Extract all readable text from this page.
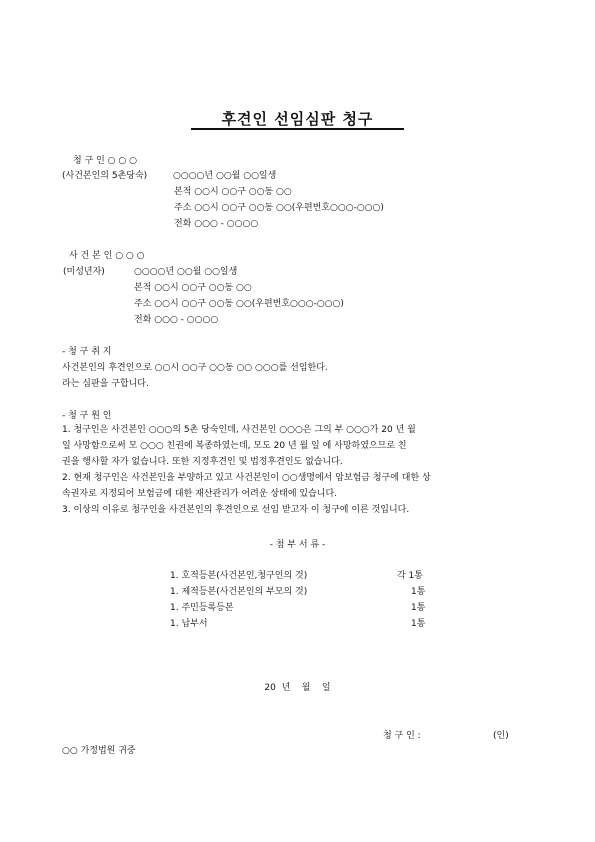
후견인 선임심판 청구
청 구 인 ○ ○ ○
(사건본인의 5촌당숙)	○○○○년 ○○월 ○○일생
본적 ○○시 ○○구 ○○동 ○○
주소 ○○시 ○○구 ○○동 ○○(우편번호○○○-○○○)
전화 ○○○ - ○○○○
사 건 본 인 ○ ○ ○
(미성년자)	○○○○년 ○○월 ○○일생
본적 ○○시 ○○구 ○○동 ○○
주소 ○○시 ○○구 ○○동 ○○(우편번호○○○-○○○)
전화 ○○○ - ○○○○
- 청 구 취 지
사건본인의 후견인으로 ○○시 ○○구 ○○동 ○○ ○○○를 선임한다.
라는 심판을 구합니다.
- 청 구 원 인
1. 청구인은 사건본인 ○○○의 5촌 당숙인데, 사건본인 ○○○은 그의 부 ○○○가 20 년 월
일 사망함으로써 모 ○○○ 친권에 복종하였는데, 모도 20 년 월 일 에 사망하였으므로 친
권을 행사할 자가 없습니다. 또한 지정후견인 및 법정후견인도 없습니다.
2. 현재 청구인은 사건본인을 부양하고 있고 사건본인이 ○○생명에서 암보험금 청구에 대한 상
속권자로 지정되어 보험금에 대한 재산관리가 어려운 상태에 있습니다.
3. 이상의 이유로 청구인을 사건본인의 후견인으로 선임 받고자 이 청구에 이른 것입니다.
- 첨 부 서 류 -
1. 호적등본(사건본인,청구인의 것)	각 1통
1. 제적등본(사건본인의 부모의 것)	1통
1. 주민등록등본	1통
1. 납부서	1통
20  년    월    일
청 구 인 :	(인)
○○ 가정법원 귀중
